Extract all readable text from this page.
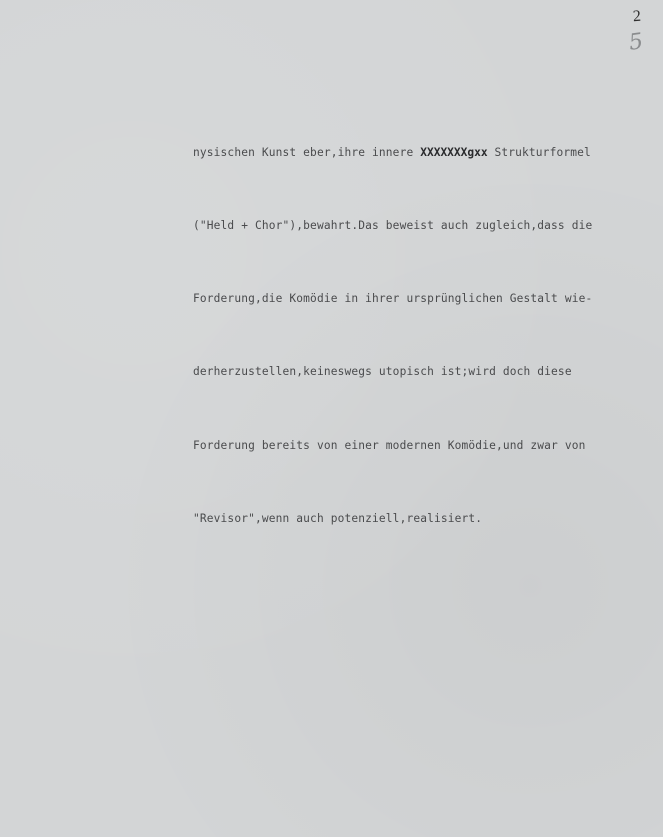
2
5

nysischen Kunst eber,ihre innere XXXXXXXgxx Strukturformel

("Held + Chor"),bewahrt.Das beweist auch zugleich,dass die

Forderung,die Komödie in ihrer ursprünglichen Gestalt wie-

derherzustellen,keineswegs utopisch ist;wird doch diese

Forderung bereits von einer modernen Komödie,und zwar von

"Revisor",wenn auch potenziell,realisiert.
